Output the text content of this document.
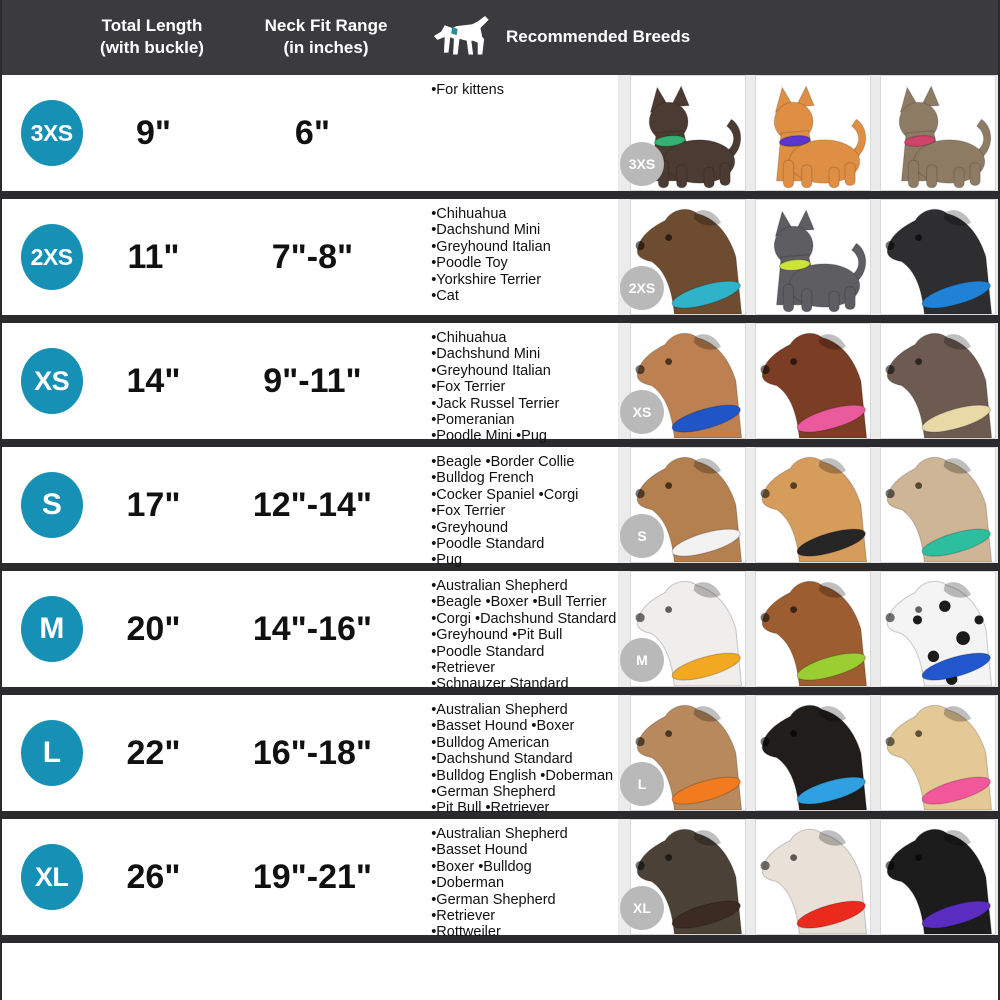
Total Length
(with buckle)
Neck Fit Range
(in inches)
Recommended Breeds
3XS	9"	6"
•For kittens
3XS
2XS	11"	7"-8"
•Chihuahua
•Dachshund Mini
•Greyhound Italian
•Poodle Toy
•Yorkshire Terrier
•Cat
2XS
XS	14"	9"-11"
•Chihuahua
•Dachshund Mini
•Greyhound Italian
•Fox Terrier
•Jack Russel Terrier
•Pomeranian
•Poodle Mini •Pug
XS
S	17"	12"-14"
•Beagle •Border Collie
•Bulldog French
•Cocker Spaniel •Corgi
•Fox Terrier
•Greyhound
•Poodle Standard
•Pug
S
M	20"	14"-16"
•Australian Shepherd
•Beagle •Boxer •Bull Terrier
•Corgi •Dachshund Standard
•Greyhound •Pit Bull
•Poodle Standard
•Retriever
•Schnauzer Standard
M
L	22"	16"-18"
•Australian Shepherd
•Basset Hound •Boxer
•Bulldog American
•Dachshund Standard
•Bulldog English •Doberman
•German Shepherd
•Pit Bull •Retriever
L
XL	26"	19"-21"
•Australian Shepherd
•Basset Hound
•Boxer •Bulldog
•Doberman
•German Shepherd
•Retriever
•Rottweiler
XL
